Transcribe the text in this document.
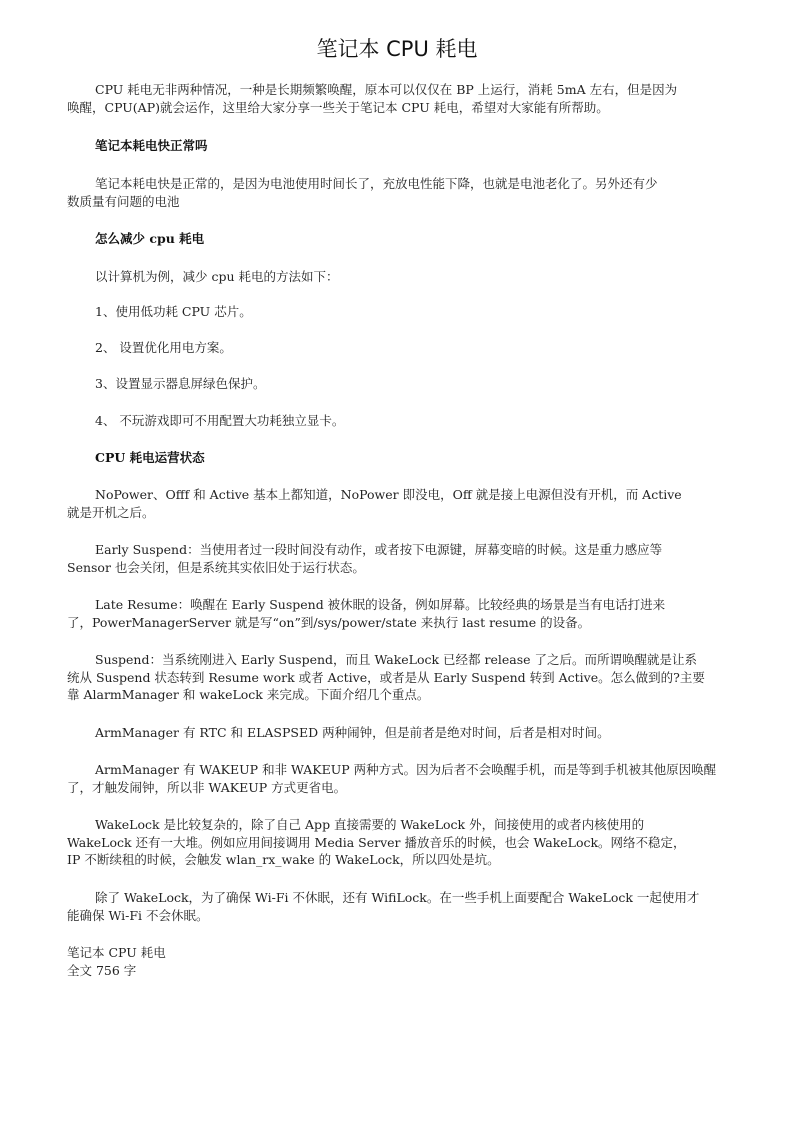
笔记本 CPU 耗电
CPU 耗电无非两种情况，一种是长期频繁唤醒，原本可以仅仅在 BP 上运行，消耗 5mA 左右，但是因为
唤醒，CPU(AP)就会运作，这里给大家分享一些关于笔记本 CPU 耗电，希望对大家能有所帮助。
笔记本耗电快正常吗
笔记本耗电快是正常的，是因为电池使用时间长了，充放电性能下降，也就是电池老化了。另外还有少
数质量有问题的电池
怎么减少 cpu 耗电
以计算机为例，减少 cpu 耗电的方法如下：
1、使用低功耗 CPU 芯片。
2、 设置优化用电方案。
3、设置显示器息屏绿色保护。
4、 不玩游戏即可不用配置大功耗独立显卡。
CPU 耗电运营状态
NoPower、Offf 和 Active 基本上都知道，NoPower 即没电，Off 就是接上电源但没有开机，而 Active
就是开机之后。
Early Suspend：当使用者过一段时间没有动作，或者按下电源键，屏幕变暗的时候。这是重力感应等
Sensor 也会关闭，但是系统其实依旧处于运行状态。
Late Resume：唤醒在 Early Suspend 被休眠的设备，例如屏幕。比较经典的场景是当有电话打进来
了，PowerManagerServer 就是写“on”到/sys/power/state 来执行 last resume 的设备。
Suspend：当系统刚进入 Early Suspend，而且 WakeLock 已经都 release 了之后。而所谓唤醒就是让系
统从 Suspend 状态转到 Resume work 或者 Active，或者是从 Early Suspend 转到 Active。怎么做到的?主要
靠 AlarmManager 和 wakeLock 来完成。下面介绍几个重点。
ArmManager 有 RTC 和 ELASPSED 两种闹钟，但是前者是绝对时间，后者是相对时间。
ArmManager 有 WAKEUP 和非 WAKEUP 两种方式。因为后者不会唤醒手机，而是等到手机被其他原因唤醒
了，才触发闹钟，所以非 WAKEUP 方式更省电。
WakeLock 是比较复杂的，除了自己 App 直接需要的 WakeLock 外，间接使用的或者内核使用的
WakeLock 还有一大堆。例如应用间接调用 Media Server 播放音乐的时候，也会 WakeLock。网络不稳定，
IP 不断续租的时候，会触发 wlan_rx_wake 的 WakeLock，所以四处是坑。
除了 WakeLock，为了确保 Wi-Fi 不休眠，还有 WifiLock。在一些手机上面要配合 WakeLock 一起使用才
能确保 Wi-Fi 不会休眠。
笔记本 CPU 耗电
全文 756 字
